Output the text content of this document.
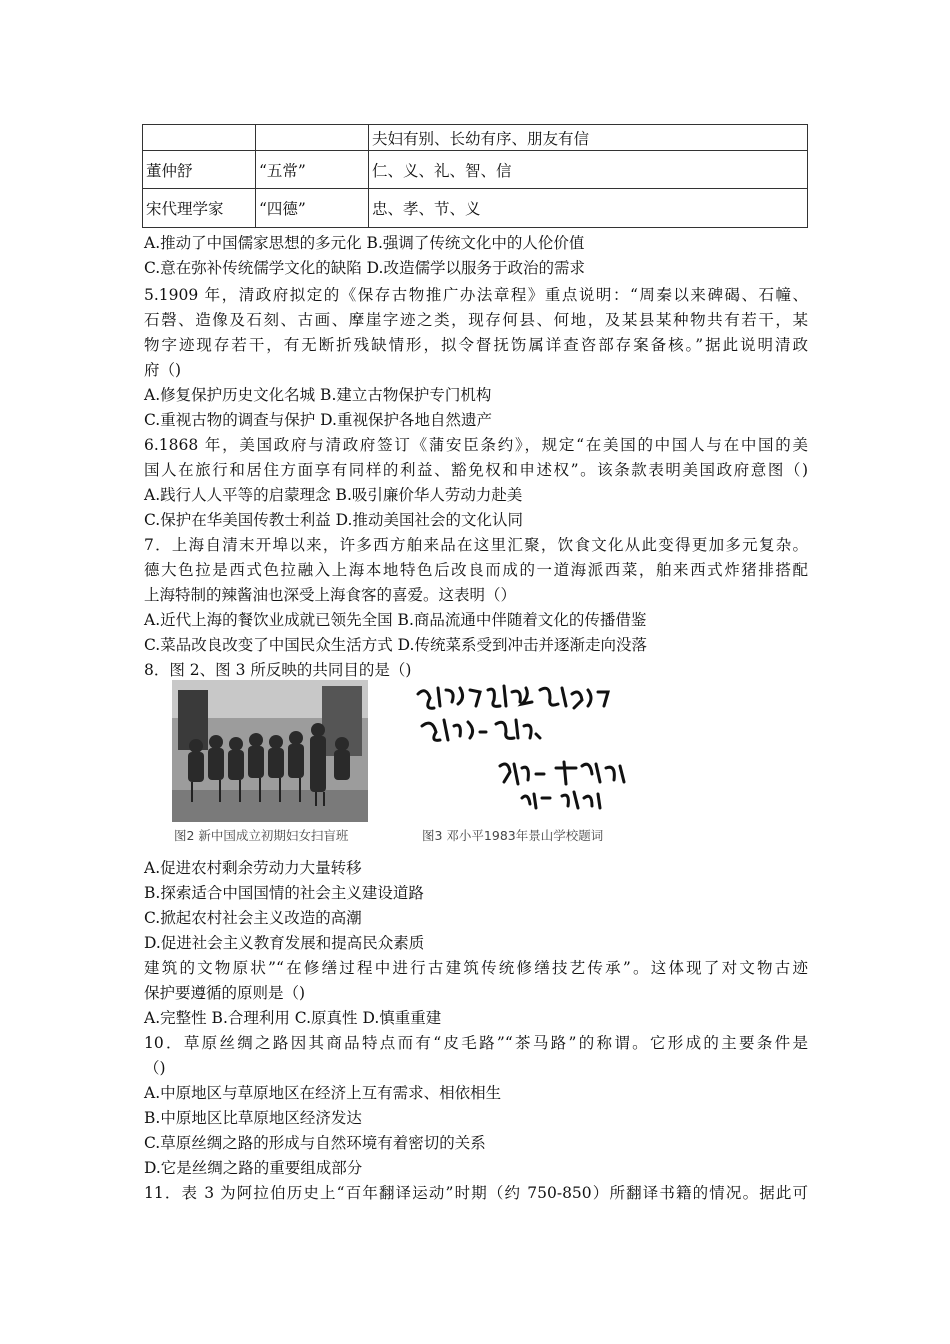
		夫妇有别、长幼有序、朋友有信
董仲舒	“五常”	仁、义、礼、智、信
宋代理学家	“四德”	忠、孝、节、义
A.推动了中国儒家思想的多元化 B.强调了传统文化中的人伦价值
C.意在弥补传统儒学文化的缺陷 D.改造儒学以服务于政治的需求
5.1909 年，清政府拟定的《保存古物推广办法章程》重点说明：“周秦以来碑碣、石幢、
石磬、造像及石刻、古画、摩崖字迹之类，现存何县、何地，及某县某种物共有若干，某
物字迹现存若干，有无断折残缺情形，拟令督抚饬属详查咨部存案备核。”据此说明清政
府（)
A.修复保护历史文化名城 B.建立古物保护专门机构
C.重视古物的调查与保护 D.重视保护各地自然遗产
6.1868 年，美国政府与清政府签订《蒲安臣条约》，规定“在美国的中国人与在中国的美
国人在旅行和居住方面享有同样的利益、豁免权和申述权”。该条款表明美国政府意图（)
A.践行人人平等的启蒙理念 B.吸引廉价华人劳动力赴美
C.保护在华美国传教士利益 D.推动美国社会的文化认同
7．上海自清末开埠以来，许多西方舶来品在这里汇聚，饮食文化从此变得更加多元复杂。
德大色拉是西式色拉融入上海本地特色后改良而成的一道海派西菜，舶来西式炸猪排搭配
上海特制的辣酱油也深受上海食客的喜爱。这表明（）
A.近代上海的餐饮业成就已领先全国 B.商品流通中伴随着文化的传播借鉴
C.菜品改良改变了中国民众生活方式 D.传统菜系受到冲击并逐渐走向没落
8．图 2、图 3 所反映的共同目的是（)
图2 新中国成立初期妇女扫盲班	图3 邓小平1983年景山学校题词
A.促进农村剩余劳动力大量转移
B.探索适合中国国情的社会主义建设道路
C.掀起农村社会主义改造的高潮
D.促进社会主义教育发展和提高民众素质
建筑的文物原状”“在修缮过程中进行古建筑传统修缮技艺传承”。这体现了对文物古迹
保护要遵循的原则是（)
A.完整性 B.合理利用 C.原真性 D.慎重重建
10．草原丝绸之路因其商品特点而有“皮毛路”“茶马路”的称谓。它形成的主要条件是
（)
A.中原地区与草原地区在经济上互有需求、相依相生
B.中原地区比草原地区经济发达
C.草原丝绸之路的形成与自然环境有着密切的关系
D.它是丝绸之路的重要组成部分
11．表 3 为阿拉伯历史上“百年翻译运动”时期（约 750-850）所翻译书籍的情况。据此可
